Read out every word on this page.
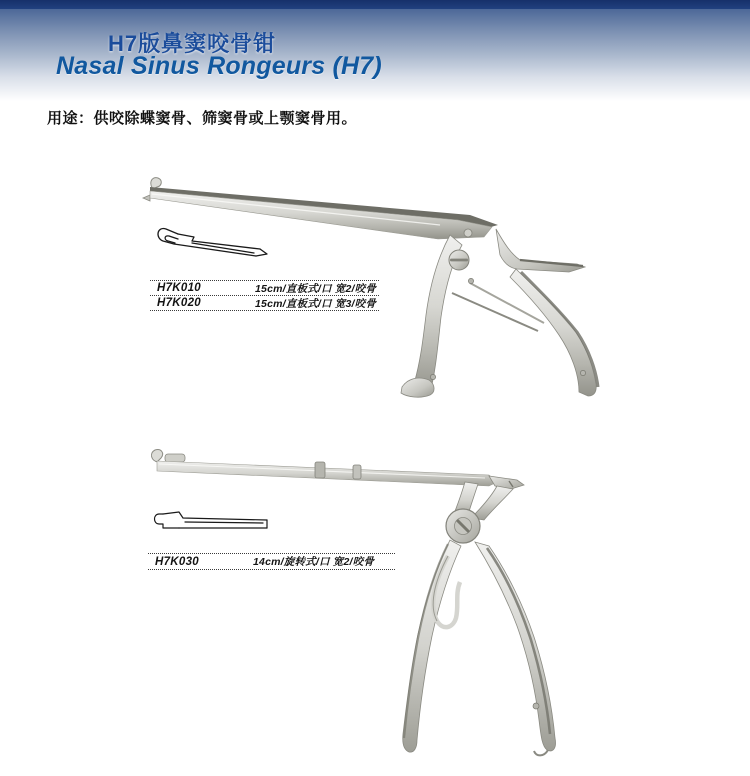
H7版鼻窦咬骨钳
Nasal Sinus Rongeurs (H7)
用途：供咬除蝶窦骨、筛窦骨或上颚窦骨用。
H7K010	15cm/直板式/口 宽2/咬骨
H7K020	15cm/直板式/口 宽3/咬骨
H7K030	14cm/旋转式/口 宽2/咬骨
